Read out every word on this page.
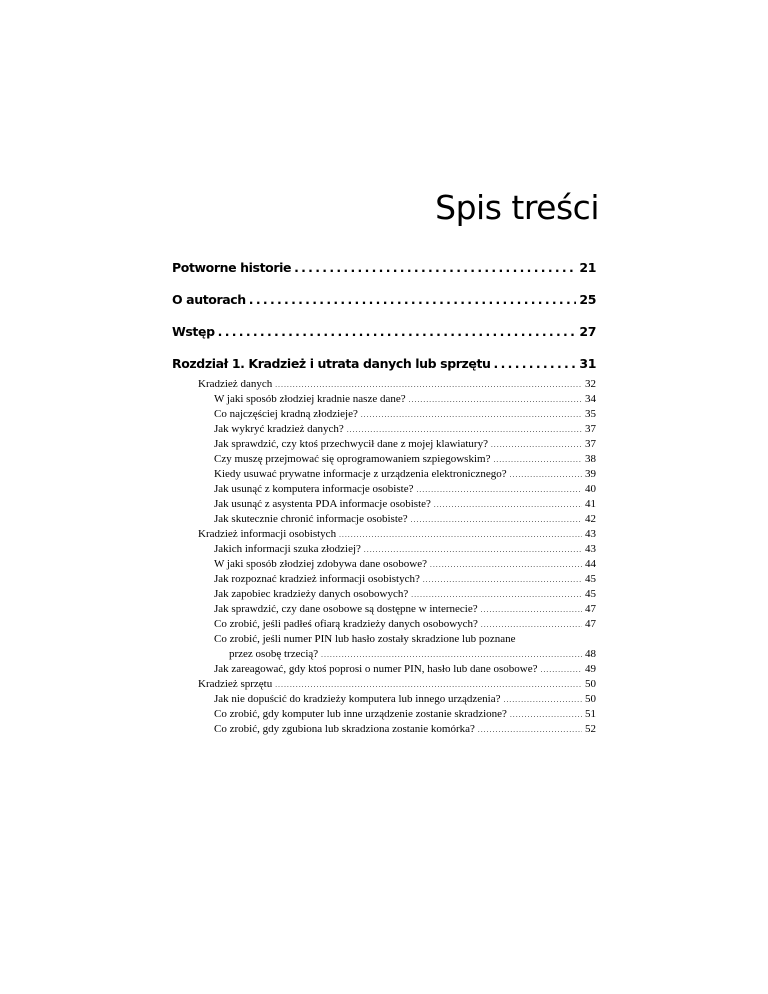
Spis treści
Potworne historie .....	21
O autorach .....	25
Wstęp .....	27
Rozdział 1. Kradzież i utrata danych lub sprzętu .....	31
Kradzież danych .....	32
W jaki sposób złodziej kradnie nasze dane? .....	34
Co najczęściej kradną złodzieje? .....	35
Jak wykryć kradzież danych? .....	37
Jak sprawdzić, czy ktoś przechwycił dane z mojej klawiatury? .....	37
Czy muszę przejmować się oprogramowaniem szpiegowskim? .....	38
Kiedy usuwać prywatne informacje z urządzenia elektronicznego? .....	39
Jak usunąć z komputera informacje osobiste? .....	40
Jak usunąć z asystenta PDA informacje osobiste? .....	41
Jak skutecznie chronić informacje osobiste? .....	42
Kradzież informacji osobistych .....	43
Jakich informacji szuka złodziej? .....	43
W jaki sposób złodziej zdobywa dane osobowe? .....	44
Jak rozpoznać kradzież informacji osobistych? .....	45
Jak zapobiec kradzieży danych osobowych? .....	45
Jak sprawdzić, czy dane osobowe są dostępne w internecie? .....	47
Co zrobić, jeśli padłeś ofiarą kradzieży danych osobowych? .....	47
Co zrobić, jeśli numer PIN lub hasło zostały skradzione lub poznane
przez osobę trzecią? .....	48
Jak zareagować, gdy ktoś poprosi o numer PIN, hasło lub dane osobowe? .....	49
Kradzież sprzętu .....	50
Jak nie dopuścić do kradzieży komputera lub innego urządzenia? .....	50
Co zrobić, gdy komputer lub inne urządzenie zostanie skradzione? .....	51
Co zrobić, gdy zgubiona lub skradziona zostanie komórka? .....	52
